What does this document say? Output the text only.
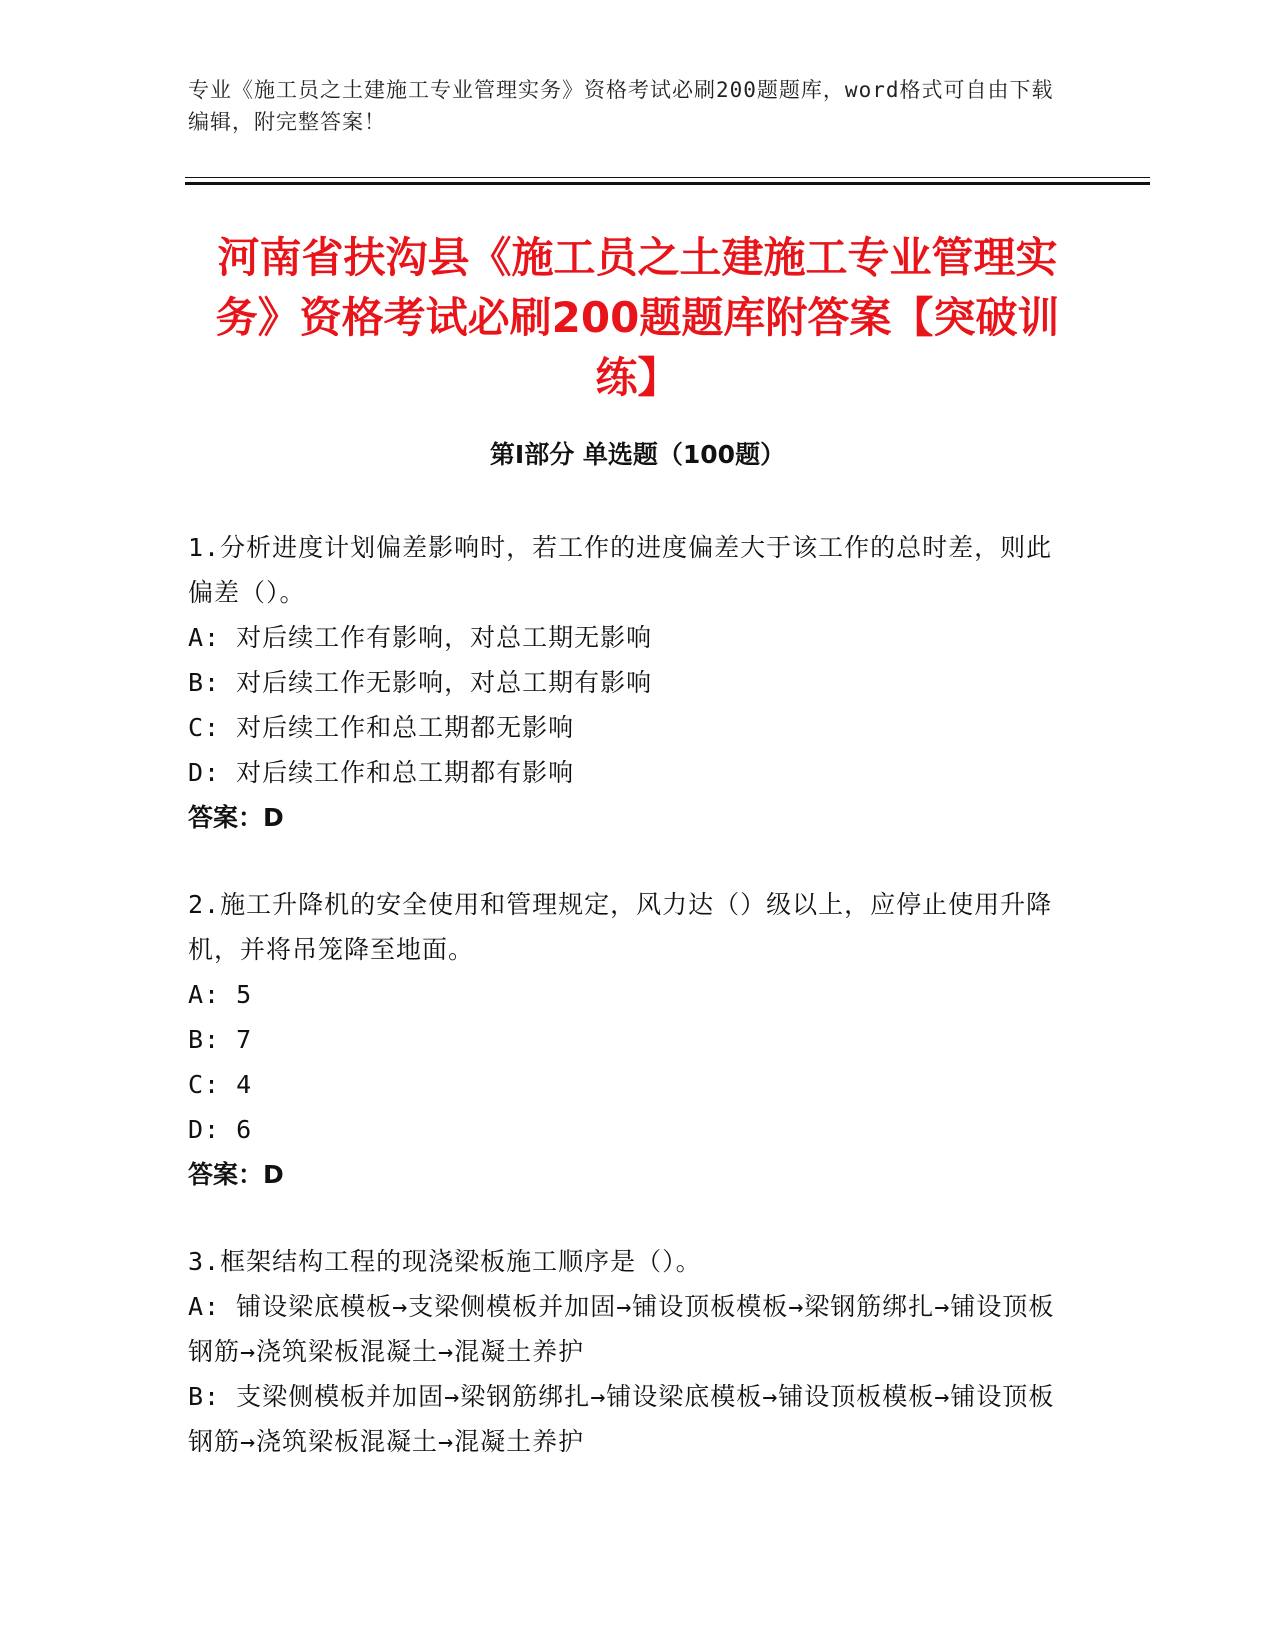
专业《施工员之土建施工专业管理实务》资格考试必刷200题题库，word格式可自由下载编辑，附完整答案！
河南省扶沟县《施工员之土建施工专业管理实务》资格考试必刷200题题库附答案【突破训练】
第Ⅰ部分 单选题（100题）
1.分析进度计划偏差影响时，若工作的进度偏差大于该工作的总时差，则此偏差（）。
A: 对后续工作有影响，对总工期无影响
B: 对后续工作无影响，对总工期有影响
C: 对后续工作和总工期都无影响
D: 对后续工作和总工期都有影响
答案：D
2.施工升降机的安全使用和管理规定，风力达（）级以上，应停止使用升降机，并将吊笼降至地面。
A: 5
B: 7
C: 4
D: 6
答案：D
3.框架结构工程的现浇梁板施工顺序是（）。
A: 铺设梁底模板→支梁侧模板并加固→铺设顶板模板→梁钢筋绑扎→铺设顶板钢筋→浇筑梁板混凝土→混凝土养护
B: 支梁侧模板并加固→梁钢筋绑扎→铺设梁底模板→铺设顶板模板→铺设顶板钢筋→浇筑梁板混凝土→混凝土养护
